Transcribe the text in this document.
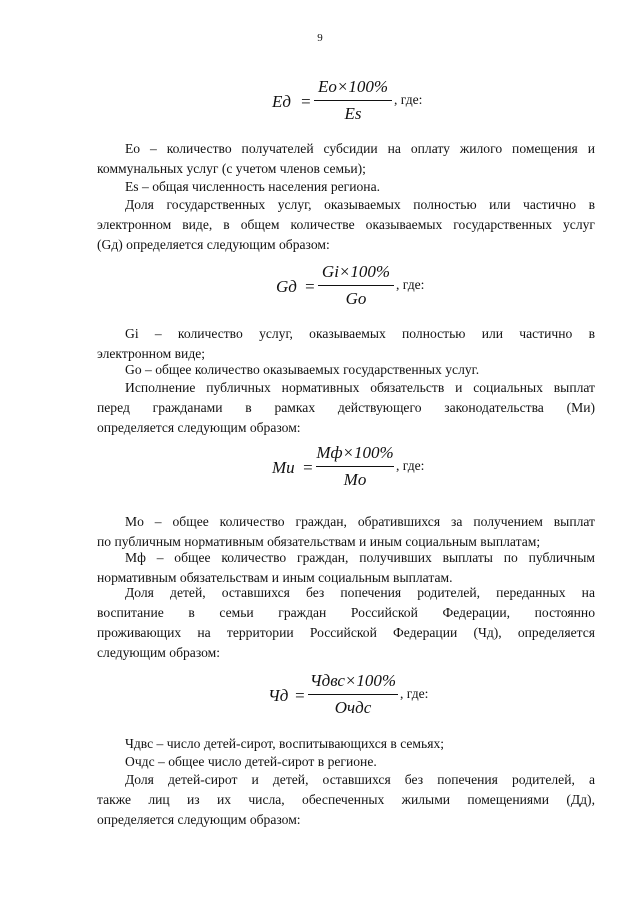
9
Eд =
Eo×100%
Es
, где:

Eo – количество получателей субсидии на оплату жилого помещения и
коммунальных услуг (с учетом членов семьи);

Es – общая численность населения региона.

Доля государственных услуг, оказываемых полностью или частично в
электронном виде, в общем количестве оказываемых государственных услуг
(Gд) определяется следующим образом:

Gд =
Gi×100%
Go
, где:

Gi – количество услуг, оказываемых полностью или частично в
электронном виде;

Go – общее количество оказываемых государственных услуг.

Исполнение публичных нормативных обязательств и социальных выплат
перед гражданами в рамках действующего законодательства (Ми)
определяется следующим образом:

Mи =
Mф×100%
Mo
, где:

Mo – общее количество граждан, обратившихся за получением выплат
по публичным нормативным обязательствам и иным социальным выплатам;

Mф – общее количество граждан, получивших выплаты по публичным
нормативным обязательствам и иным социальным выплатам.

Доля детей, оставшихся без попечения родителей, переданных на
воспитание в семьи граждан Российской Федерации, постоянно
проживающих на территории Российской Федерации (Чд), определяется
следующим образом:

Чд =
Чдвс×100%
Oчдс
, где:

Чдвс – число детей-сирот, воспитывающихся в семьях;

Oчдс – общее число детей-сирот в регионе.

Доля детей-сирот и детей, оставшихся без попечения родителей, а
также лиц из их числа, обеспеченных жилыми помещениями (Дд),
определяется следующим образом:
